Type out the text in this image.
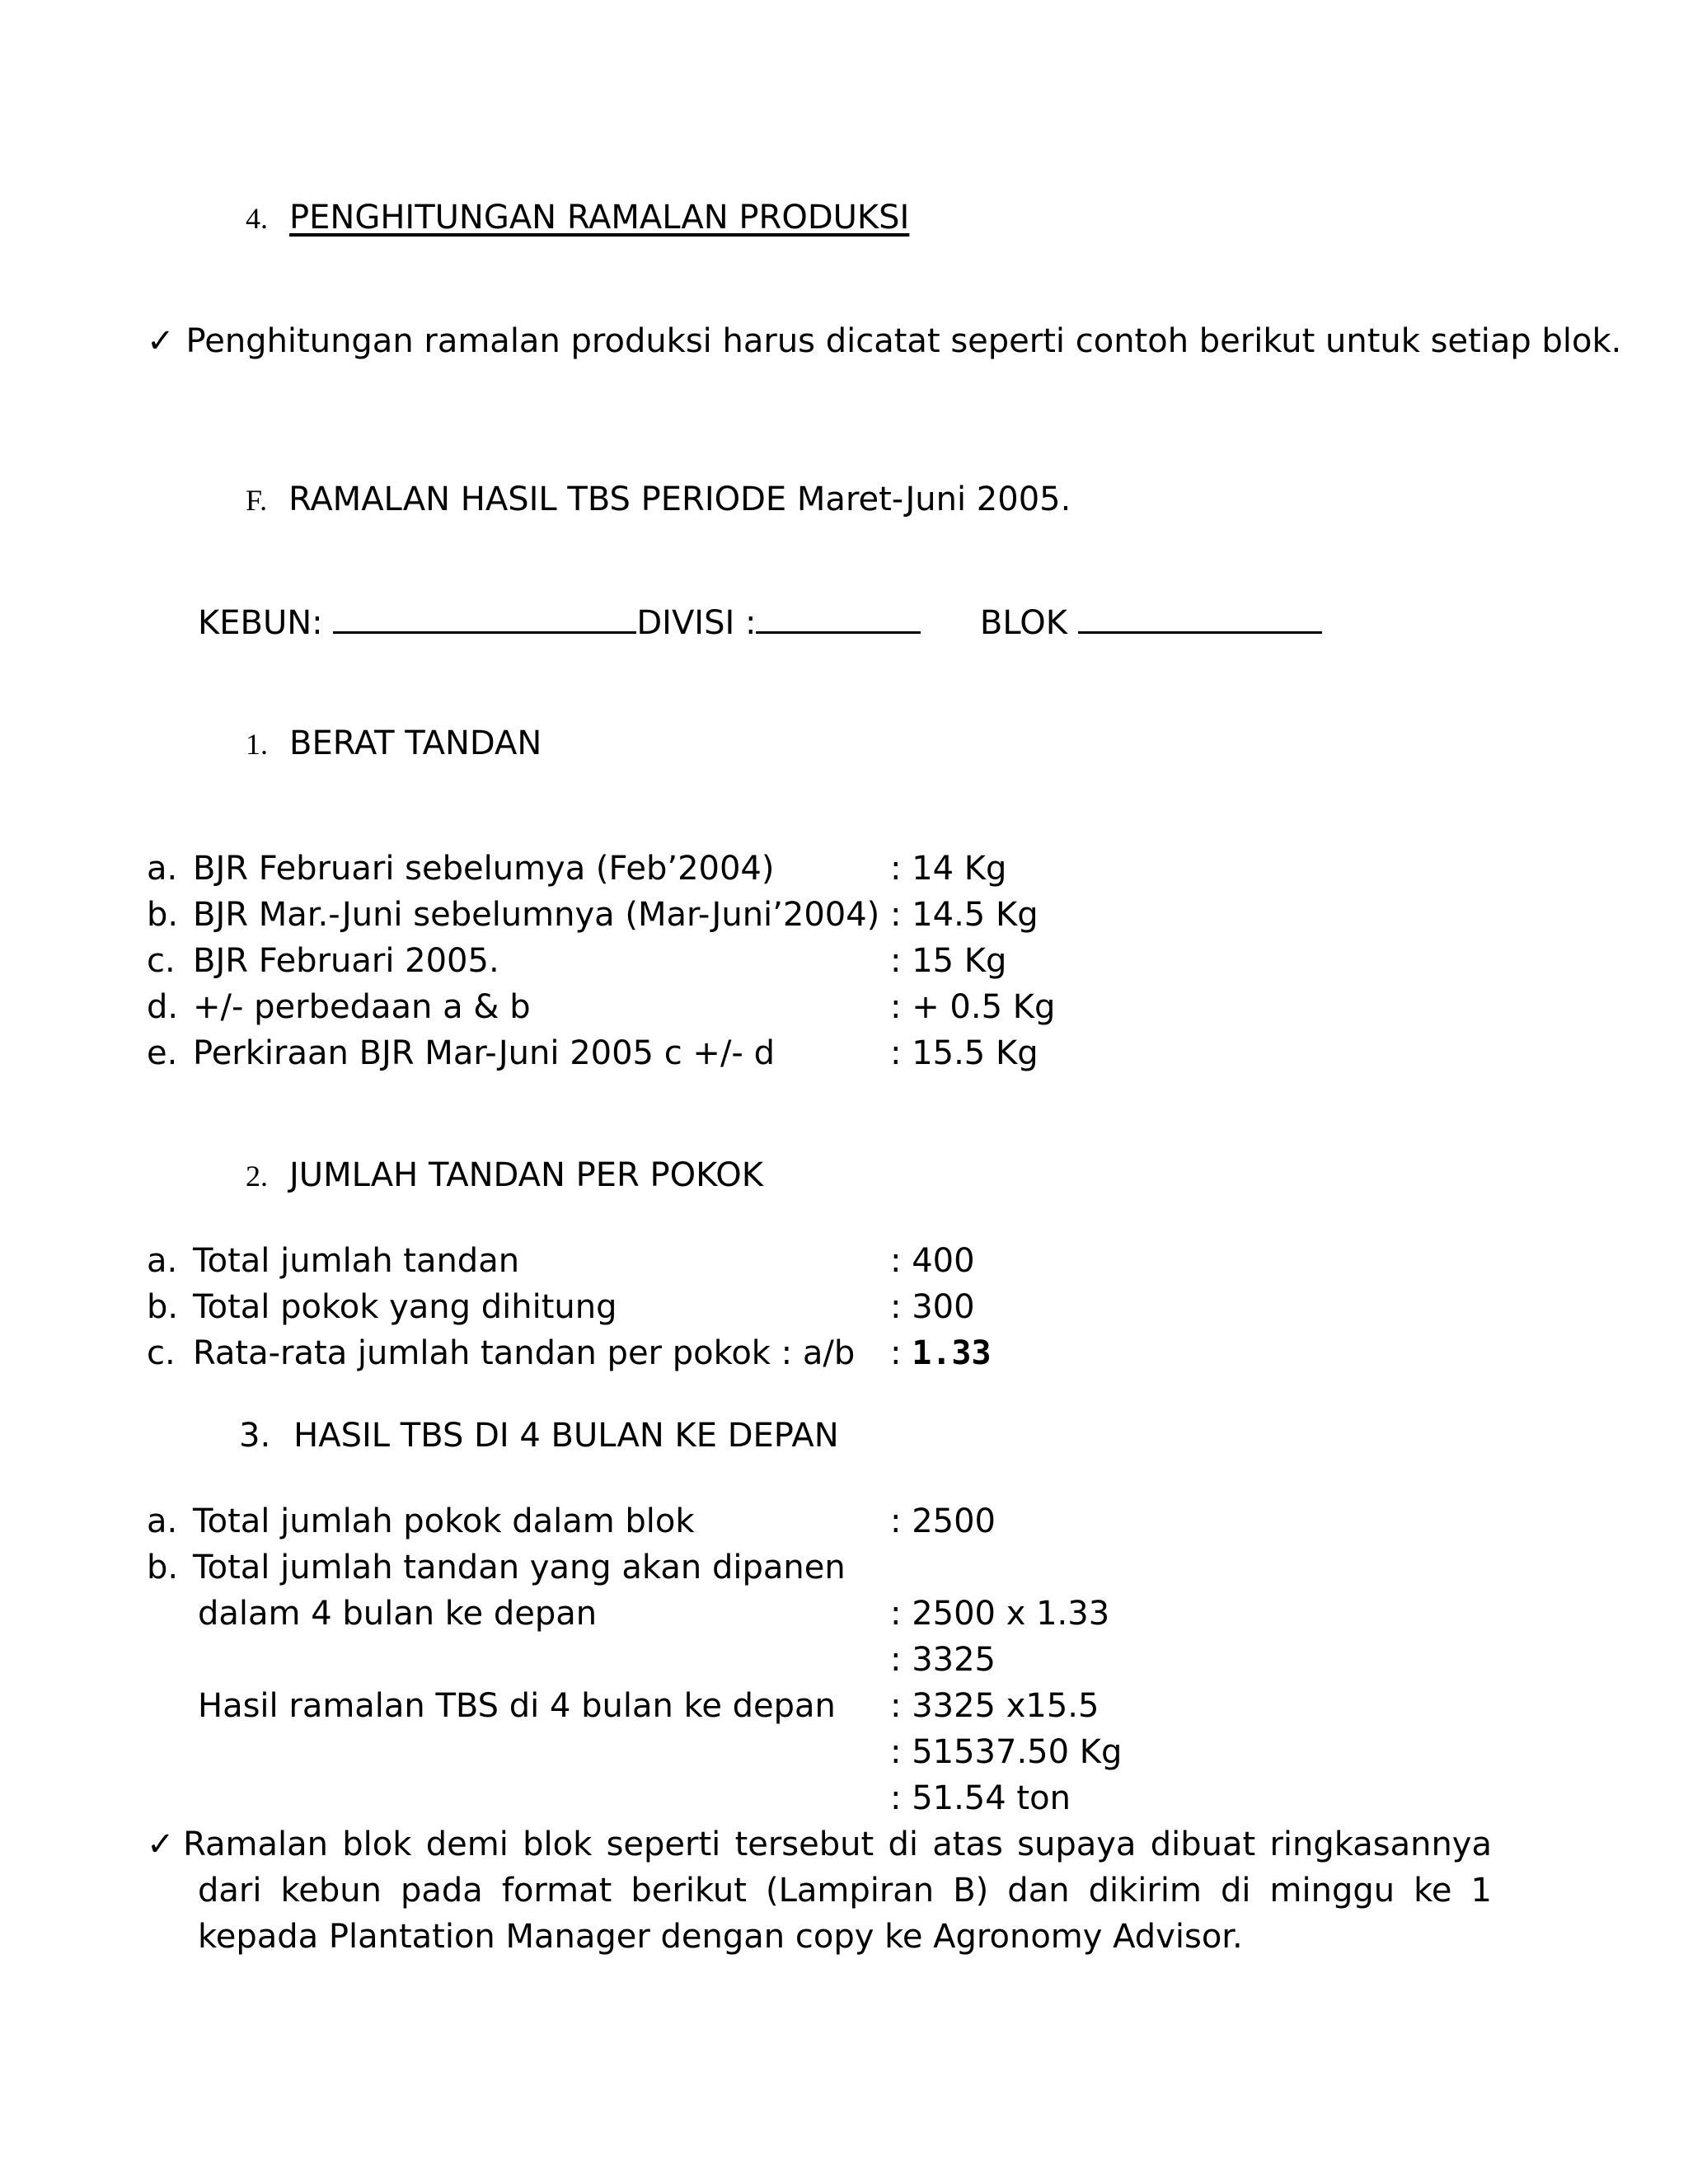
4. PENGHITUNGAN RAMALAN PRODUKSI
✓ Penghitungan ramalan produksi harus dicatat seperti contoh berikut untuk setiap blok.
F. RAMALAN HASIL TBS PERIODE Maret-Juni 2005.
KEBUN:	DIVISI :	BLOK
1. BERAT TANDAN
a. BJR Februari sebelumya (Feb’2004)	: 14 Kg
b. BJR Mar.-Juni sebelumnya (Mar-Juni’2004) : 14.5 Kg
c. BJR Februari 2005.	: 15 Kg
d. +/- perbedaan a & b	: + 0.5 Kg
e. Perkiraan BJR Mar-Juni 2005 c +/- d	: 15.5 Kg
2. JUMLAH TANDAN PER POKOK
a. Total jumlah tandan	: 400
b. Total pokok yang dihitung	: 300
c. Rata-rata jumlah tandan per pokok : a/b : 1.33
3. HASIL TBS DI 4 BULAN KE DEPAN
a. Total jumlah pokok dalam blok	: 2500
b. Total jumlah tandan yang akan dipanen
dalam 4 bulan ke depan	: 2500 x 1.33
: 3325
Hasil ramalan TBS di 4 bulan ke depan : 3325 x15.5
: 51537.50 Kg
: 51.54 ton
✓ Ramalan blok demi blok seperti tersebut di atas supaya dibuat ringkasannya dari kebun pada format berikut (Lampiran B) dan dikirim di minggu ke 1 kepada Plantation Manager dengan copy ke Agronomy Advisor.
